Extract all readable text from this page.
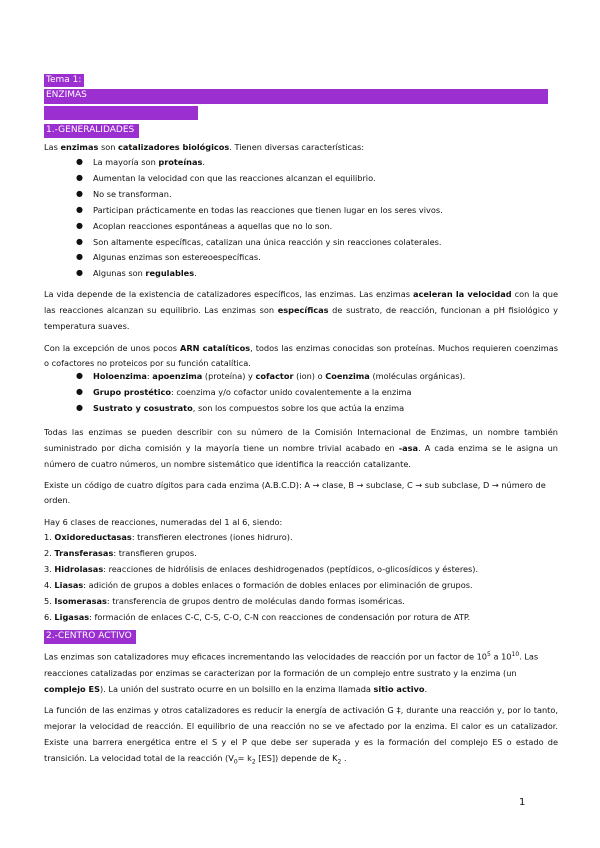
Tema 1:
ENZIMAS
1.-GENERALIDADES
Las enzimas son catalizadores biológicos. Tienen diversas características:
● La mayoría son proteínas.
● Aumentan la velocidad con que las reacciones alcanzan el equilibrio.
● No se transforman.
● Participan prácticamente en todas las reacciones que tienen lugar en los seres vivos.
● Acoplan reacciones espontáneas a aquellas que no lo son.
● Son altamente específicas, catalizan una única reacción y sin reacciones colaterales.
● Algunas enzimas son estereoespecíficas.
● Algunas son regulables.
La vida depende de la existencia de catalizadores específicos, las enzimas. Las enzimas aceleran la velocidad con la que las reacciones alcanzan su equilibrio. Las enzimas son específicas de sustrato, de reacción, funcionan a pH fisiológico y temperatura suaves.
Con la excepción de unos pocos ARN catalíticos, todos las enzimas conocidas son proteínas. Muchos requieren coenzimas o cofactores no proteicos por su función catalítica.
● Holoenzima: apoenzima (proteína) y cofactor (ion) o Coenzima (moléculas orgánicas).
● Grupo prostético: coenzima y/o cofactor unido covalentemente a la enzima
● Sustrato y cosustrato, son los compuestos sobre los que actúa la enzima
Todas las enzimas se pueden describir con su número de la Comisión Internacional de Enzimas, un nombre también suministrado por dicha comisión y la mayoría tiene un nombre trivial acabado en -asa. A cada enzima se le asigna un número de cuatro números, un nombre sistemático que identifica la reacción catalizante.
Existe un código de cuatro dígitos para cada enzima (A.B.C.D): A → clase, B → subclase, C → sub subclase, D → número de orden.
Hay 6 clases de reacciones, numeradas del 1 al 6, siendo:
1. Oxidoreductasas: transfieren electrones (iones hidruro).
2. Transferasas: transfieren grupos.
3. Hidrolasas: reacciones de hidrólisis de enlaces deshidrogenados (peptídicos, o-glicosídicos y ésteres).
4. Liasas: adición de grupos a dobles enlaces o formación de dobles enlaces por eliminación de grupos.
5. Isomerasas: transferencia de grupos dentro de moléculas dando formas isoméricas.
6. Ligasas: formación de enlaces C-C, C-S, C-O, C-N con reacciones de condensación por rotura de ATP.
2.-CENTRO ACTIVO
Las enzimas son catalizadores muy eficaces incrementando las velocidades de reacción por un factor de $10^5$ a $10^{10}$. Las reacciones catalizadas por enzimas se caracterizan por la formación de un complejo entre sustrato y la enzima (un complejo ES). La unión del sustrato ocurre en un bolsillo en la enzima llamada sitio activo.
La función de las enzimas y otros catalizadores es reducir la energía de activación G ‡, durante una reacción y, por lo tanto, mejorar la velocidad de reacción. El equilibrio de una reacción no se ve afectado por la enzima. El calor es un catalizador. Existe una barrera energética entre el S y el P que debe ser superada y es la formación del complejo ES o estado de transición. La velocidad total de la reacción ($V_0= k_2$ [ES]) depende de $K_2$ .
1
